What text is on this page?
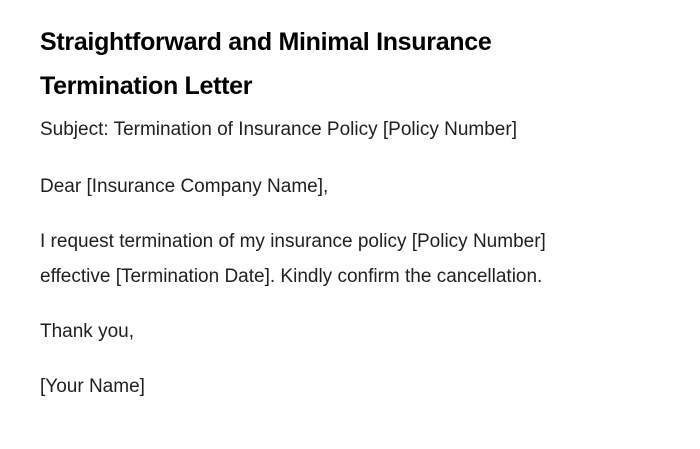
Straightforward and Minimal Insurance
Termination Letter

Subject: Termination of Insurance Policy [Policy Number]

Dear [Insurance Company Name],

I request termination of my insurance policy [Policy Number]
effective [Termination Date]. Kindly confirm the cancellation.

Thank you,

[Your Name]
